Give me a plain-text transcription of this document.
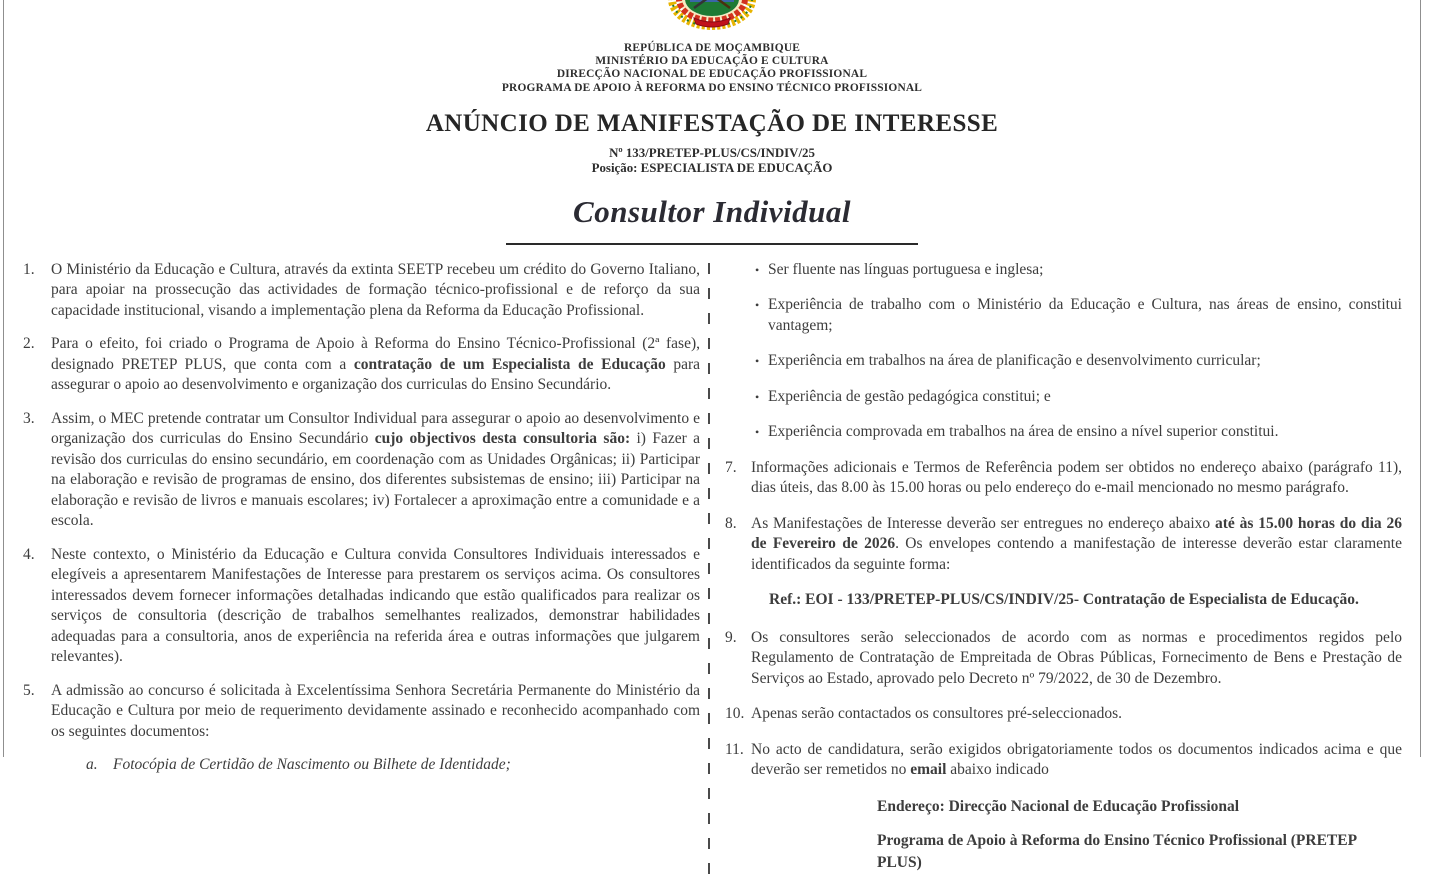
REPÚBLICA DE MOÇAMBIQUE
MINISTÉRIO DA EDUCAÇÃO E CULTURA
DIRECÇÃO NACIONAL DE EDUCAÇÃO PROFISSIONAL
PROGRAMA DE APOIO À REFORMA DO ENSINO TÉCNICO PROFISSIONAL
ANÚNCIO DE MANIFESTAÇÃO DE INTERESSE
Nº 133/PRETEP-PLUS/CS/INDIV/25
Posição: ESPECIALISTA DE EDUCAÇÃO
Consultor Individual
1.	O Ministério da Educação e Cultura, através da extinta SEETP recebeu um crédito do Governo Italiano, para apoiar na prossecução das actividades de formação técnico-profissional e de reforço da sua capacidade institucional, visando a implementação plena da Reforma da Educação Profissional.
2.	Para o efeito, foi criado o Programa de Apoio à Reforma do Ensino Técnico-Profissional (2ª fase), designado PRETEP PLUS, que conta com a contratação de um Especialista de Educação para assegurar o apoio ao desenvolvimento e organização dos curriculas do Ensino Secundário.
3.	Assim, o MEC pretende contratar um Consultor Individual para assegurar o apoio ao desenvolvimento e organização dos curriculas do Ensino Secundário cujo objectivos desta consultoria são: i) Fazer a revisão dos curriculas do ensino secundário, em coordenação com as Unidades Orgânicas; ii) Participar na elaboração e revisão de programas de ensino, dos diferentes subsistemas de ensino; iii) Participar na elaboração e revisão de livros e manuais escolares; iv) Fortalecer a aproximação entre a comunidade e a escola.
4.	Neste contexto, o Ministério da Educação e Cultura convida Consultores Individuais interessados e elegíveis a apresentarem Manifestações de Interesse para prestarem os serviços acima. Os consultores interessados devem fornecer informações detalhadas indicando que estão qualificados para realizar os serviços de consultoria (descrição de trabalhos semelhantes realizados, demonstrar habilidades adequadas para a consultoria, anos de experiência na referida área e outras informações que julgarem relevantes).
5.	A admissão ao concurso é solicitada à Excelentíssima Senhora Secretária Permanente do Ministério da Educação e Cultura por meio de requerimento devidamente assinado e reconhecido acompanhado com os seguintes documentos:
a. Fotocópia de Certidão de Nascimento ou Bilhete de Identidade;
• Ser fluente nas línguas portuguesa e inglesa;
• Experiência de trabalho com o Ministério da Educação e Cultura, nas áreas de ensino, constitui vantagem;
• Experiência em trabalhos na área de planificação e desenvolvimento curricular;
• Experiência de gestão pedagógica constitui; e
• Experiência comprovada em trabalhos na área de ensino a nível superior constitui.
7. Informações adicionais e Termos de Referência podem ser obtidos no endereço abaixo (parágrafo 11), dias úteis, das 8.00 às 15.00 horas ou pelo endereço do e-mail mencionado no mesmo parágrafo.
8. As Manifestações de Interesse deverão ser entregues no endereço abaixo até às 15.00 horas do dia 26 de Fevereiro de 2026. Os envelopes contendo a manifestação de interesse deverão estar claramente identificados da seguinte forma:
Ref.: EOI - 133/PRETEP-PLUS/CS/INDIV/25- Contratação de Especialista de Educação.
9. Os consultores serão seleccionados de acordo com as normas e procedimentos regidos pelo Regulamento de Contratação de Empreitada de Obras Públicas, Fornecimento de Bens e Prestação de Serviços ao Estado, aprovado pelo Decreto nº 79/2022, de 30 de Dezembro.
10. Apenas serão contactados os consultores pré-seleccionados.
11. No acto de candidatura, serão exigidos obrigatoriamente todos os documentos indicados acima e que deverão ser remetidos no email abaixo indicado
Endereço: Direcção Nacional de Educação Profissional
Programa de Apoio à Reforma do Ensino Técnico Profissional (PRETEP PLUS)
